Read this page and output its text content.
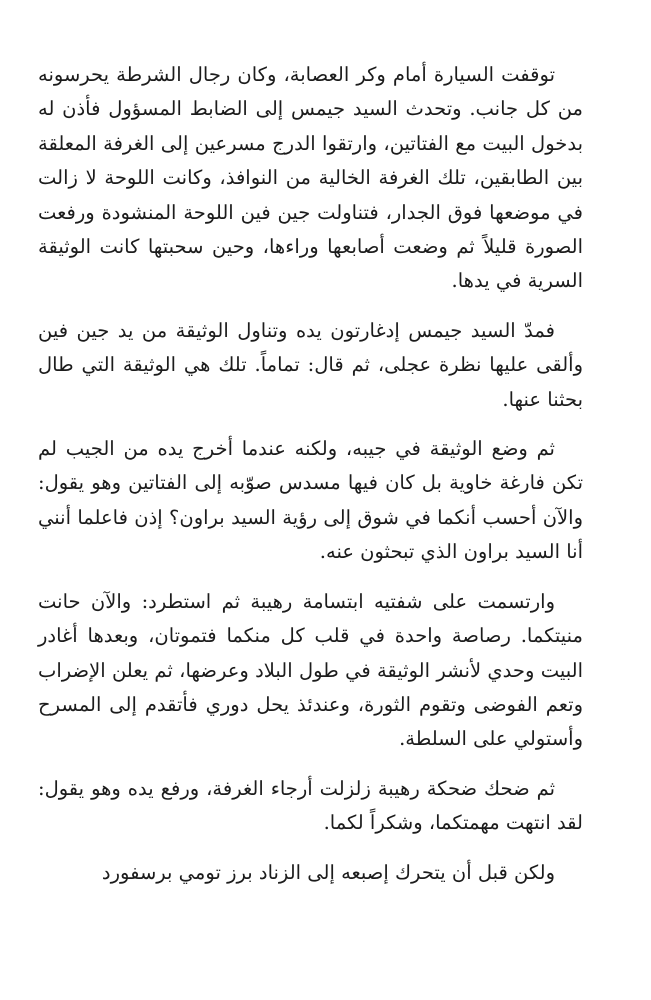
توقفت السيارة أمام وكر العصابة، وكان رجال الشرطة يحرسونه من كل جانب. وتحدث السيد جيمس إلى الضابط المسؤول فأذن له بدخول البيت مع الفتاتين، وارتقوا الدرج مسرعين إلى الغرفة المعلقة بين الطابقين، تلك الغرفة الخالية من النوافذ، وكانت اللوحة لا زالت في موضعها فوق الجدار، فتناولت جين فين اللوحة المنشودة ورفعت الصورة قليلاً ثم وضعت أصابعها وراءها، وحين سحبتها كانت الوثيقة السرية في يدها.

فمدّ السيد جيمس إدغارتون يده وتناول الوثيقة من يد جين فين وألقى عليها نظرة عجلى، ثم قال: تماماً. تلك هي الوثيقة التي طال بحثنا عنها.

ثم وضع الوثيقة في جيبه، ولكنه عندما أخرج يده من الجيب لم تكن فارغة خاوية بل كان فيها مسدس صوّبه إلى الفتاتين وهو يقول: والآن أحسب أنكما في شوق إلى رؤية السيد براون؟ إذن فاعلما أنني أنا السيد براون الذي تبحثون عنه.

وارتسمت على شفتيه ابتسامة رهيبة ثم استطرد: والآن حانت منيتكما. رصاصة واحدة في قلب كل منكما فتموتان، وبعدها أغادر البيت وحدي لأنشر الوثيقة في طول البلاد وعرضها، ثم يعلن الإضراب وتعم الفوضى وتقوم الثورة، وعندئذ يحل دوري فأتقدم إلى المسرح وأستولي على السلطة.

ثم ضحك ضحكة رهيبة زلزلت أرجاء الغرفة، ورفع يده وهو يقول: لقد انتهت مهمتكما، وشكراً لكما.

ولكن قبل أن يتحرك إصبعه إلى الزناد برز تومي برسفورد
